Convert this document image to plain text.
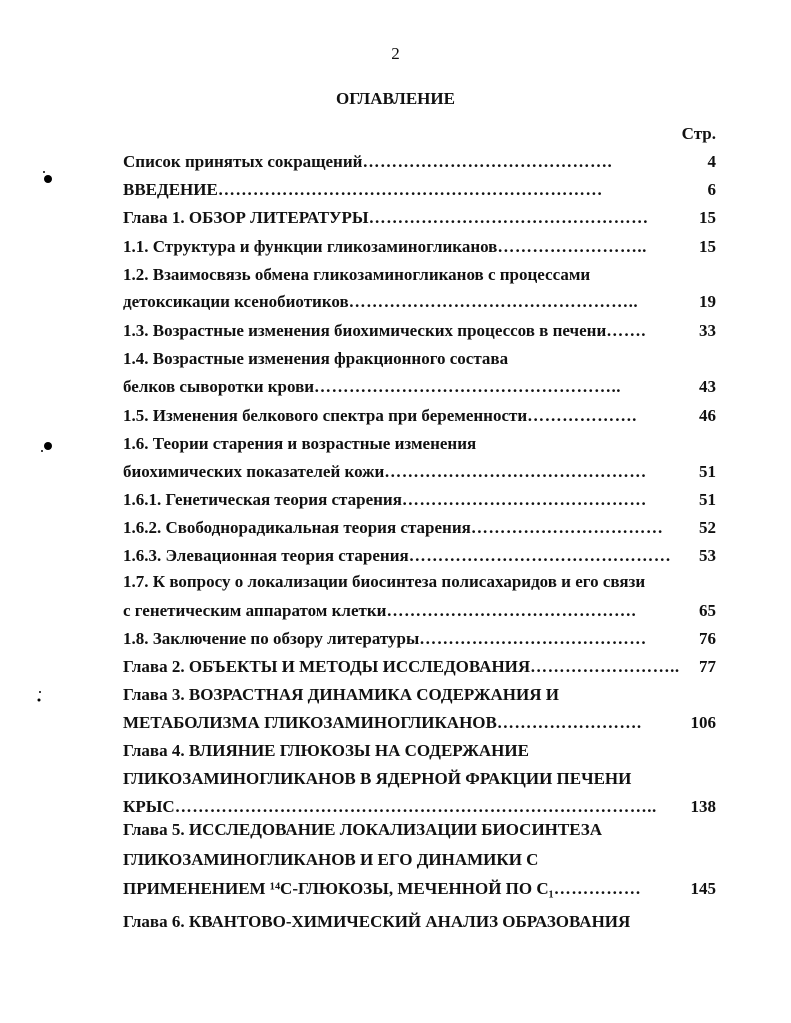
2
ОГЛАВЛЕНИЕ
Стр.
Список принятых сокращений …………………………………….	4
ВВЕДЕНИЕ …………………………………………………………	6
Глава 1. ОБЗОР ЛИТЕРАТУРЫ …………………………………………	15
1.1. Структура и функции гликозаминогликанов ……………………..	15
1.2. Взаимосвязь обмена гликозаминогликанов с процессами
детоксикации ксенобиотиков …………………………………………..	19
1.3. Возрастные изменения биохимических процессов в печени …….	33
1.4. Возрастные изменения фракционного состава
белков сыворотки крови ……………………………………………..	43
1.5. Изменения белкового спектра при беременности ……………….	46
1.6. Теории старения и возрастные изменения
биохимических показателей кожи ………………………………………	51
1.6.1. Генетическая теория старения ……………………………………	51
1.6.2. Свободнорадикальная теория старения ……………………………	52
1.6.3. Элевационная теория старения ………………………………………	53
1.7. К вопросу о локализации биосинтеза полисахаридов и его связи
с генетическим аппаратом клетки …………………………………….	65
1.8. Заключение по обзору литературы …………………………………	76
Глава 2. ОБЪЕКТЫ И МЕТОДЫ ИССЛЕДОВАНИЯ ……………………..	77
Глава 3. ВОЗРАСТНАЯ ДИНАМИКА СОДЕРЖАНИЯ И
МЕТАБОЛИЗМА ГЛИКОЗАМИНОГЛИКАНОВ …………………….	106
Глава 4. ВЛИЯНИЕ ГЛЮКОЗЫ НА СОДЕРЖАНИЕ
ГЛИКОЗАМИНОГЛИКАНОВ В ЯДЕРНОЙ ФРАКЦИИ ПЕЧЕНИ
КРЫС ………………………………………………………………………..	138
Глава 5. ИССЛЕДОВАНИЕ ЛОКАЛИЗАЦИИ БИОСИНТЕЗА
ГЛИКОЗАМИНОГЛИКАНОВ И ЕГО ДИНАМИКИ С
ПРИМЕНЕНИЕМ ¹⁴С-ГЛЮКОЗЫ, МЕЧЕННОЙ ПО С₁ ……………	145
Глава 6. КВАНТОВО-ХИМИЧЕСКИЙ АНАЛИЗ ОБРАЗОВАНИЯ
